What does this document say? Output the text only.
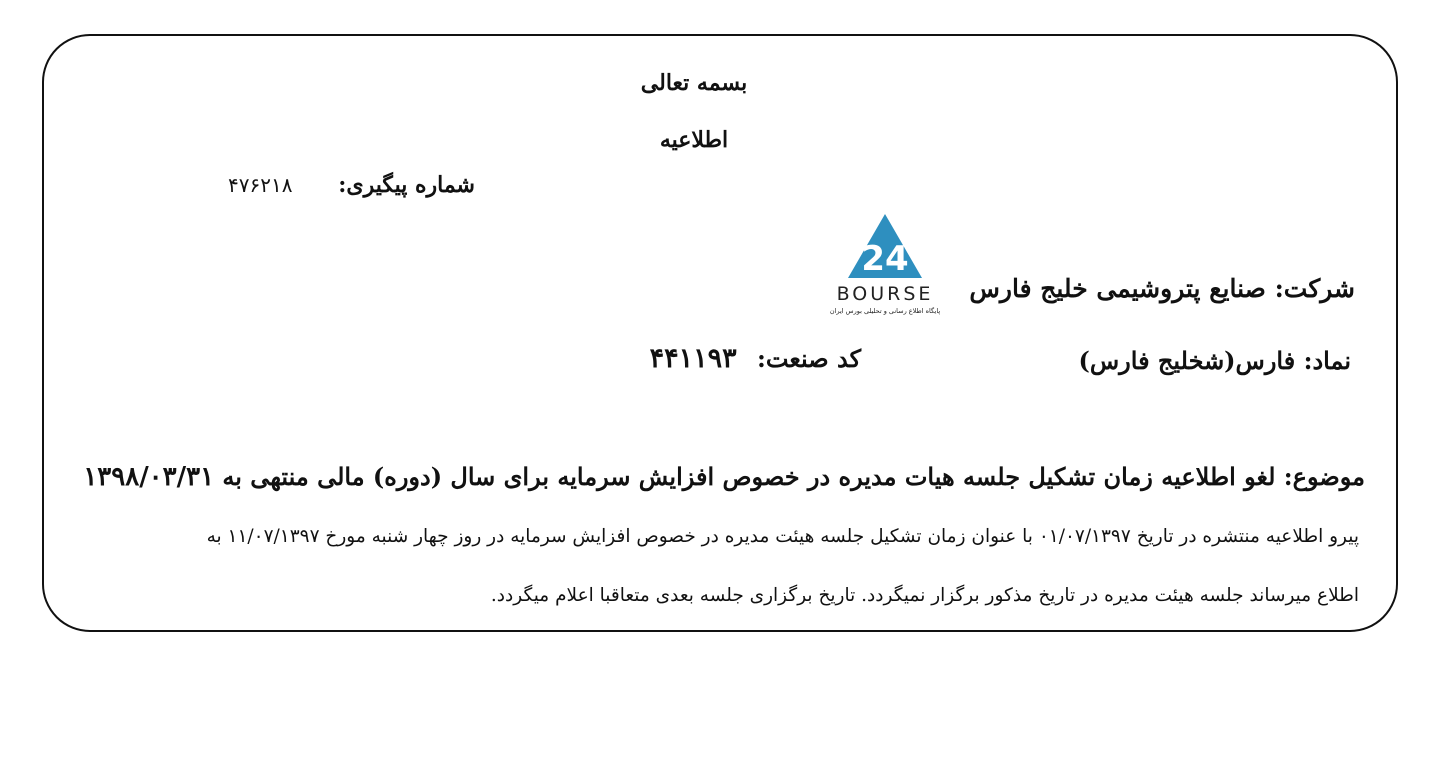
بسمه تعالی
اطلاعیه
شماره پیگیری:
۴۷۶۲۱۸
24
BOURSE
پایگاه اطلاع رسانی و تحلیلی بورس ایران
شرکت: صنایع پتروشیمی خلیج فارس
نماد: فارس(شخلیج فارس)
کد صنعت: ۴۴۱۱۹۳
موضوع: لغو اطلاعیه زمان تشکیل جلسه هیات مدیره در خصوص افزایش سرمایه برای سال (دوره) مالی منتهی به ۱۳۹۸/۰۳/۳۱
پیرو اطلاعیه منتشره در تاریخ ۰۱/۰۷/۱۳۹۷ با عنوان زمان تشکیل جلسه هیئت مدیره در خصوص افزایش سرمایه در روز چهار شنبه مورخ ۱۱/۰۷/۱۳۹۷ به
اطلاع میرساند جلسه هیئت مدیره در تاریخ مذکور برگزار نمیگردد. تاریخ برگزاری جلسه بعدی متعاقبا اعلام میگردد.
